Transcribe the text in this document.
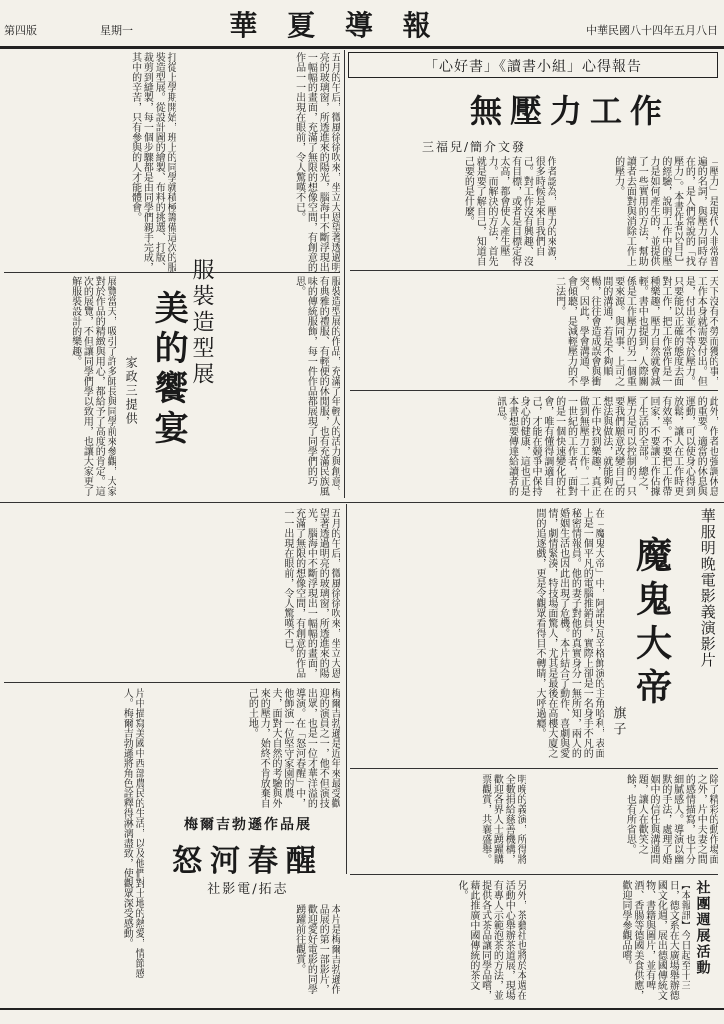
第四版	星期一	華 夏 導 報	中華民國八十四年五月八日
「心好書」《讀書小組」心得報告
無壓力工作
三福兒/簡介文發
「壓力」是現代人非常普遍的名詞，與壓力同時存在的，是人們常說的「找壓力」。本書作者以自己的經驗，說明工作中的壓力是如何產生的，並提供了一些實用的方法，幫助讀者去面對與消除工作上的壓力。
作者認為，壓力的來源，很多時候是來自我們自己。對工作沒有興趣、沒有目標，或者是目標定得太高，都會使人產生壓力。而解決的方法，首先就是要了解自己，知道自己要的是什麼。
天下沒有不勞而獲的事，工作本身就需要付出。但是，付出並不等於壓力。只要能以正確的態度去面對工作，把工作當作是一種樂趣，壓力自然就會減輕。書中也提到，人際關係是工作壓力的另一個重要來源。與同事、上司之間的溝通，若是不夠順暢，往往會造成誤會與衝突。因此，學會溝通、學會傾聽，是減輕壓力的不二法門。
此外，作者也強調休息的重要。適當的休息與運動，可以使身心得到放鬆，讓人在工作時更有效率。不要把工作帶回家，不要讓工作佔據了生活的全部。總之，壓力是可以控制的。只要我們願意改變自己的想法與做法，就能夠在工作中找到樂趣，真正做到無壓力工作。二十一世紀的工作者，面對的是一個快速變化的社會，唯有懂得調適自己，才能在競爭中保持身心的健康，這也正是本書想要傳達給讀者的訊息。
五月的午后，微風徐徐吹來，坐立大恩望著透過明亮的玻璃窗，所透進來的陽光，腦海中不斷浮現出一幅幅的畫面，充滿了無限的想像空間，有創意的作品一一出現在眼前，令人驚嘆不已。
打從上學期開始，班上的同學就積極籌備這次的服裝造型展。從設計圖的繪製、布料的挑選、打版、裁剪到縫製，每一個步驟都是由同學們親手完成，其中的辛苦，只有參與的人才能體會。
服裝造型展
美的饗宴
家政三提供	服裝造型展的作品，充滿了年輕人的活力與創意。有典雅的禮服、有輕便的休閒服，也有充滿民族風味的傳統服飾，每一件作品都展現了同學們的巧思。
展覽當天，吸引了許多師長與同學前來參觀，大家對於作品的精緻與用心，都給予了高度的肯定。這次的展覽，不但讓同學們學以致用，也讓大家更了解服裝設計的樂趣。
華服明晚電影義演影片
魔鬼大帝
旗子
在「魔鬼大帝」中，阿諾史瓦辛格飾演的主角哈利，表面上是一個平凡的電腦推銷員，實際上卻是一名身手不凡的秘密情報員。他的妻子對他的真實身分一無所知，兩人的婚姻生活也因此出現了危機。本片結合了動作、喜劇與愛情，劇情緊湊，特技場面驚人，尤其是最後在高樓大廈之間的追逐戲，更是令觀眾看得目不轉睛，大呼過癮。
除了精彩的動作場面之外，片中夫妻之間的感情描寫，也十分細膩感人。導演以幽默的手法，處理了婚姻中的信任與溝通問題，讓人在歡笑之餘，也有所省思。
明晚的義演，所得將全數捐給慈善機構，歡迎各界人士踴躍購票觀賞，共襄盛舉。
五月的午后，微風徐徐吹來，坐立大恩望著透過明亮的玻璃窗，所透進來的陽光，腦海中不斷浮現出一幅幅的畫面，充滿了無限的想像空間，有創意的作品一一出現在眼前，令人驚嘆不已。
梅爾吉勃遜是近年來最受歡迎的演員之一，他不但演技出眾，也是一位才華洋溢的導演。在「怒河春醒」中，他飾演一位堅守家園的農夫，面對大自然的考驗與外來的壓力，始終不肯放棄自己的土地。
梅爾吉勃遜作品展
怒河春醒
社影電/拓志
片中描寫美國中西部農民的生活，以及他們對土地的熱愛，情節感人。梅爾吉勃遜將角色詮釋得淋漓盡致，使觀眾深受感動。
本片是梅爾吉勃遜作品展的第一部影片，歡迎愛好電影的同學踴躍前往觀賞。	社團週展活動
【本報訊】今日起至十三日，德文系在大廣場舉辦德國文化週，展出德國傳統文物、書籍與圖片，並有啤酒、香腸等德國美食供應，歡迎同學參觀品嚐。
另外，茶藝社也將於本週在活動中心舉辦茶道展，現場有專人示範泡茶的方法，並提供各式茶品讓同學品嚐，藉此推廣中國傳統的茶文化。
